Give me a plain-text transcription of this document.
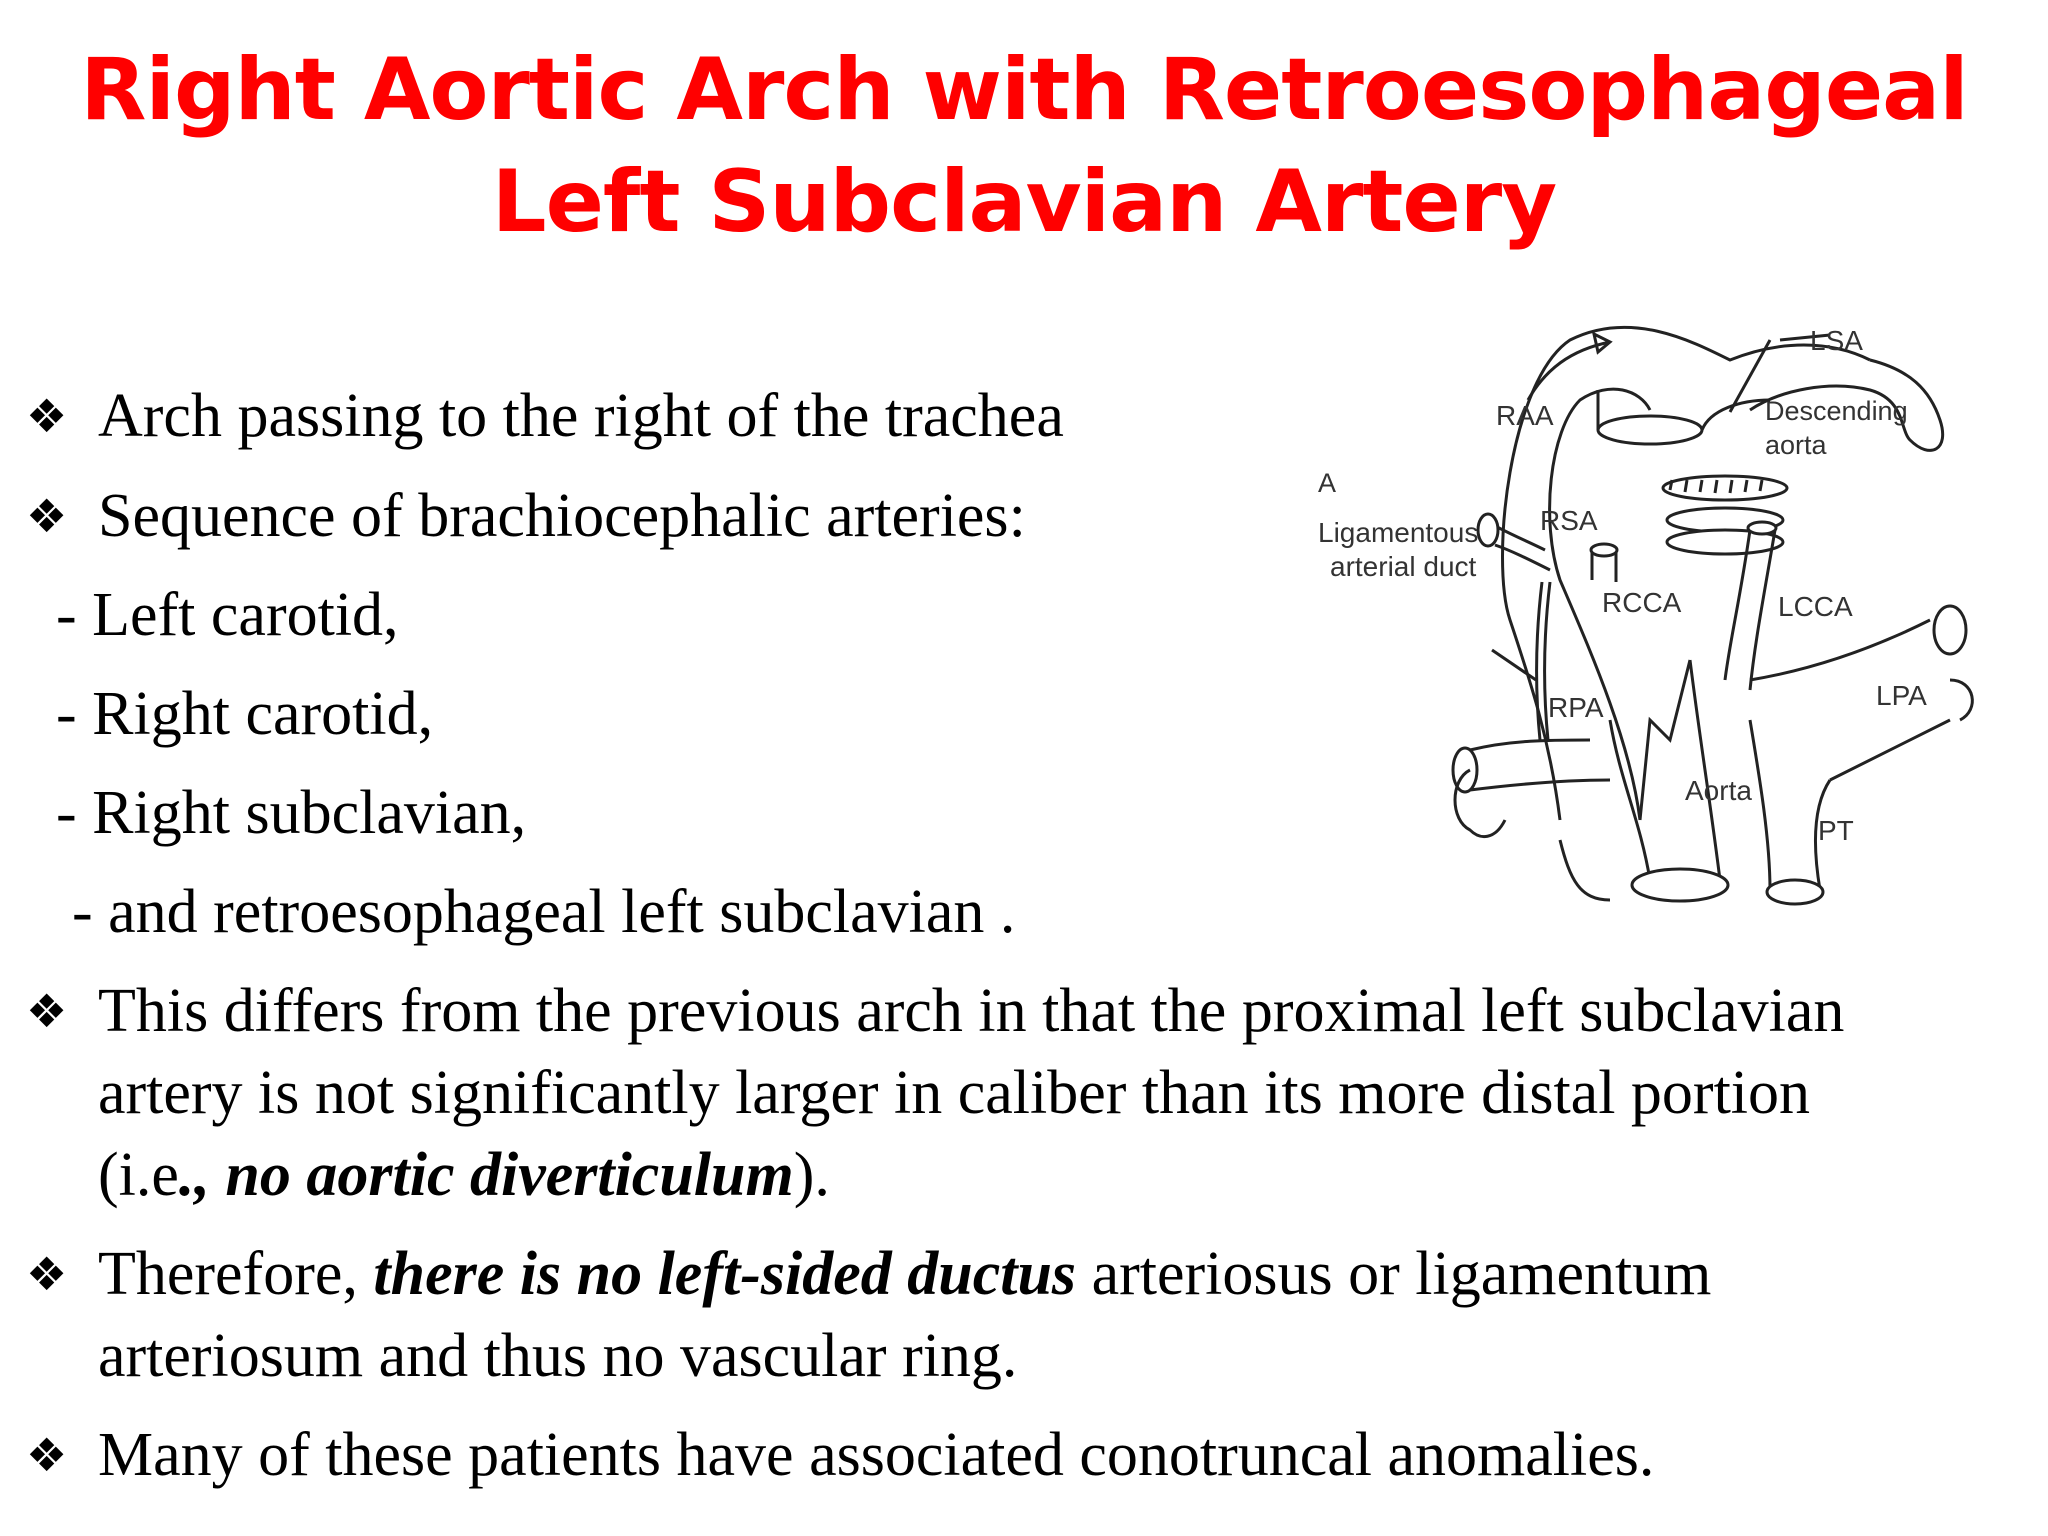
Right Aortic Arch with Retroesophageal
Left Subclavian Artery
❖ Arch passing to the right of the trachea
❖ Sequence of brachiocephalic arteries:
- Left carotid,
- Right carotid,
- Right subclavian,
- and retroesophageal left subclavian .
❖ This differs from the previous arch in that the proximal left subclavian
artery is not significantly larger in caliber than its more distal portion
(i.e., no aortic diverticulum).
❖ Therefore, there is no left-sided ductus arteriosus or ligamentum
arteriosum and thus no vascular ring.
❖ Many of these patients have associated conotruncal anomalies.
LSA
RAA	Descending
aorta
A
Ligamentous
arterial duct
RSA
RCCA	LCCA
RPA	LPA
Aorta
PT
